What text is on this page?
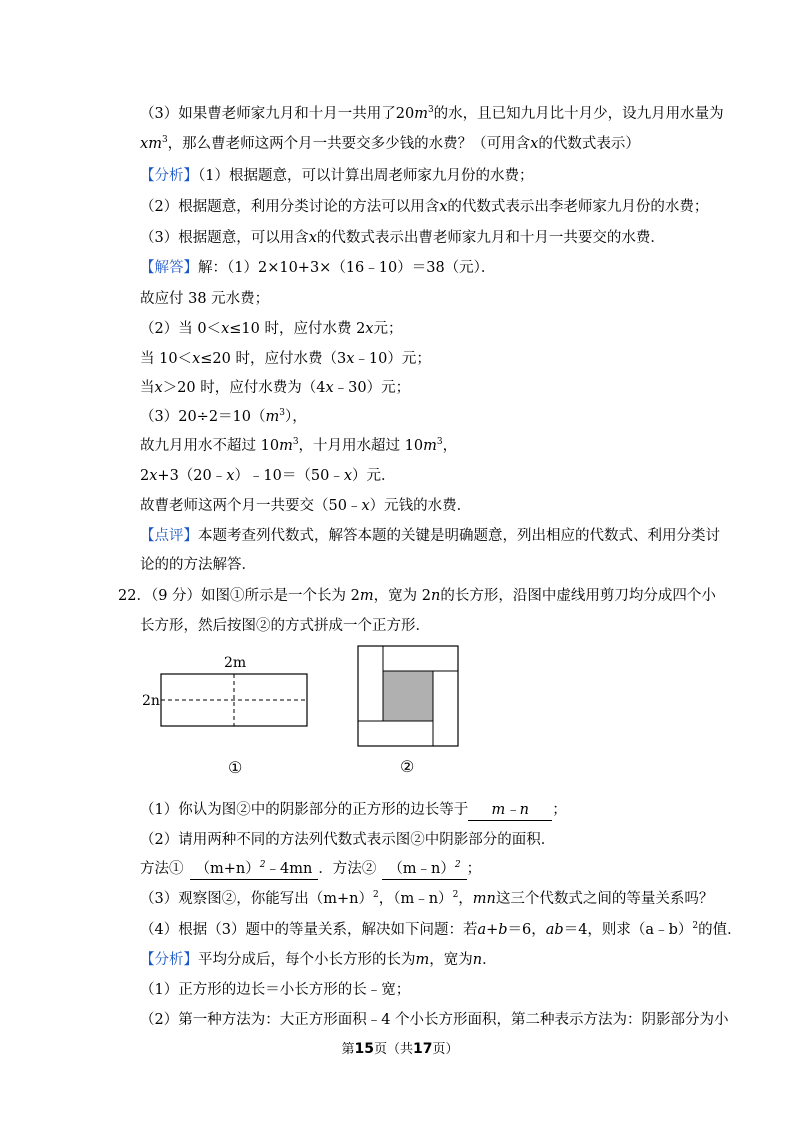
（3）如果曹老师家九月和十月一共用了$20m^3$的水，且已知九月比十月少，设九月用水量为
$xm^3$，那么曹老师这两个月一共要交多少钱的水费？（可用含x的代数式表示）
【分析】（1）根据题意，可以计算出周老师家九月份的水费；
（2）根据题意，利用分类讨论的方法可以用含x的代数式表示出李老师家九月份的水费；
（3）根据题意，可以用含x的代数式表示出曹老师家九月和十月一共要交的水费．
【解答】解：（1）2×10+3×（16﹣10）＝38（元）．
故应付 38 元水费；
（2）当 0＜x≤10 时，应付水费 2x元；
当 10＜x≤20 时，应付水费（3x﹣10）元；
当x＞20 时，应付水费为（4x﹣30）元；
$(3)20\div 2=10(m^3)$，
故九月用水不超过 $10m^3$，十月用水超过 $10m^3$，
2x+3（20﹣x）﹣10＝（50﹣x）元．
故曹老师这两个月一共要交（50﹣x）元钱的水费．
【点评】本题考查列代数式，解答本题的关键是明确题意，列出相应的代数式、利用分类讨
论的的方法解答．
22．（9 分）如图①所示是一个长为 2m，宽为 2n的长方形，沿图中虚线用剪刀均分成四个小
长方形，然后按图②的方式拼成一个正方形．
2m
2n
①	②
（1）你认为图②中的阴影部分的正方形的边长等于 m﹣n ；
（2）请用两种不同的方法列代数式表示图②中阴影部分的面积．
方法① $(m+n)^2﹣4mn$ ．方法② （m﹣n）$^2$ ；
（3）观察图②，你能写出$(m+n)^2$，（m﹣n）$^2$，mn这三个代数式之间的等量关系吗？
（4）根据（3）题中的等量关系，解决如下问题：若a+b＝6，ab＝4，则求（a﹣b）$^2$的值．
【分析】平均分成后，每个小长方形的长为m，宽为n．
（1）正方形的边长＝小长方形的长﹣宽；
（2）第一种方法为：大正方形面积﹣4 个小长方形面积，第二种表示方法为：阴影部分为小
第15页（共17页）
